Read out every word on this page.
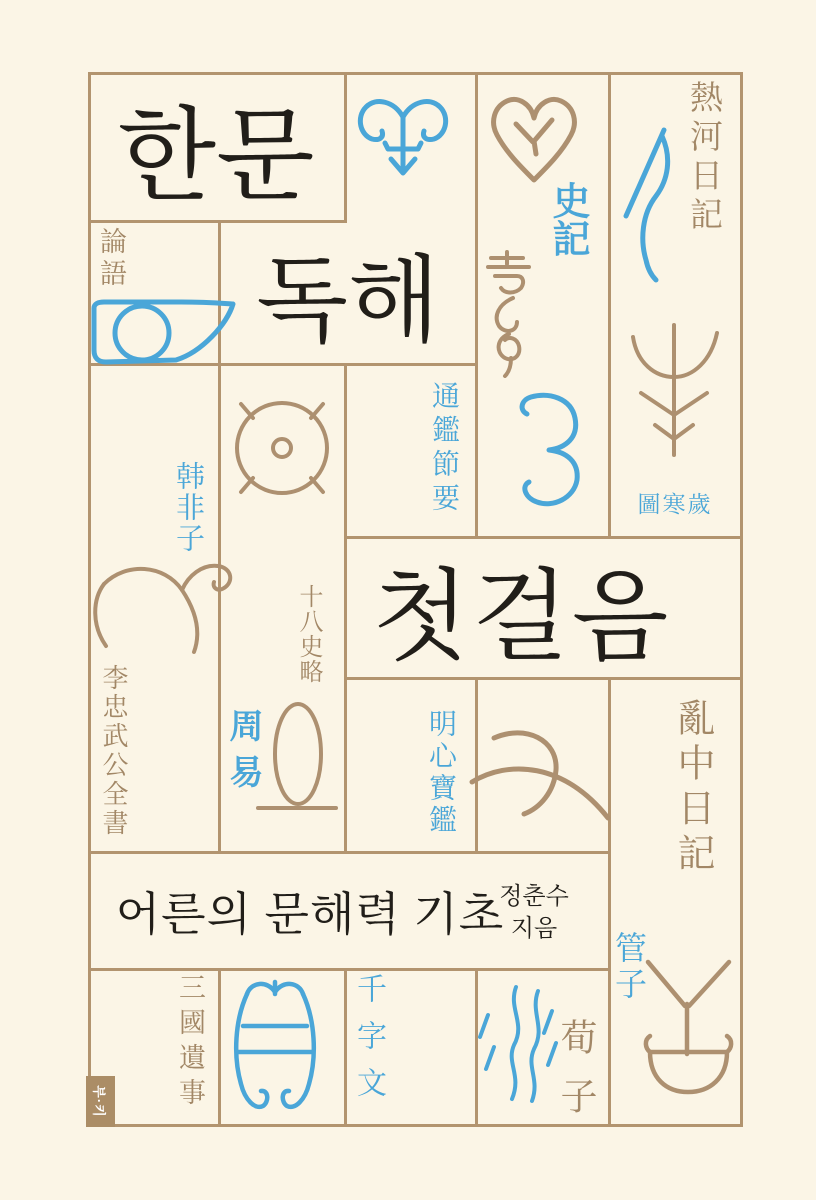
한문
독해
첫걸음
어른의 문해력 기초
정춘수
지음
論語
史記	熱河日記
通鑑節要
韩非子
十八史略
周易	明心寶鑑
李忠武公全書
圖寒歲
亂中日記
管子
三國遺事	千字文	荀子
부·키
